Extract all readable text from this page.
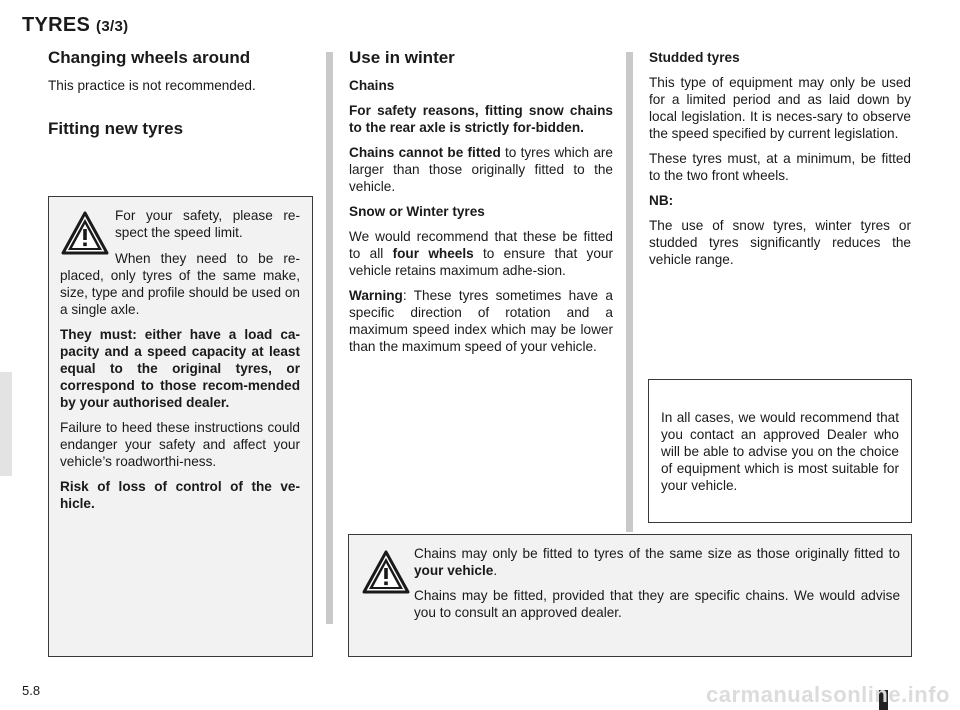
TYRES (3/3)
Changing wheels around

This practice is not recommended.

Fitting new tyres

For your safety, please re-spect the speed limit.

When they need to be re-placed, only tyres of the same make, size, type and profile should be used on a single axle.

They must: either have a load ca-pacity and a speed capacity at least equal to the original tyres, or correspond to those recom-mended by your authorised dealer.

Failure to heed these instructions could endanger your safety and affect your vehicle’s roadworthi-ness.

Risk of loss of control of the ve-hicle.

Use in winter

Chains

For safety reasons, fitting snow chains to the rear axle is strictly for-bidden.

Chains cannot be fitted to tyres which are larger than those originally fitted to the vehicle.

Snow or Winter tyres

We would recommend that these be fitted to all four wheels to ensure that your vehicle retains maximum adhe-sion.

Warning: These tyres sometimes have a specific direction of rotation and a maximum speed index which may be lower than the maximum speed of your vehicle.

Studded tyres

This type of equipment may only be used for a limited period and as laid down by local legislation. It is neces-sary to observe the speed specified by current legislation.

These tyres must, at a minimum, be fitted to the two front wheels.

NB:

The use of snow tyres, winter tyres or studded tyres significantly reduces the vehicle range.

In all cases, we would recommend that you contact an approved Dealer who will be able to advise you on the choice of equipment which is most suitable for your vehicle.

Chains may only be fitted to tyres of the same size as those originally fitted to your vehicle.

Chains may be fitted, provided that they are specific chains. We would advise you to consult an approved dealer.

5.8	carmanualsonline.info
